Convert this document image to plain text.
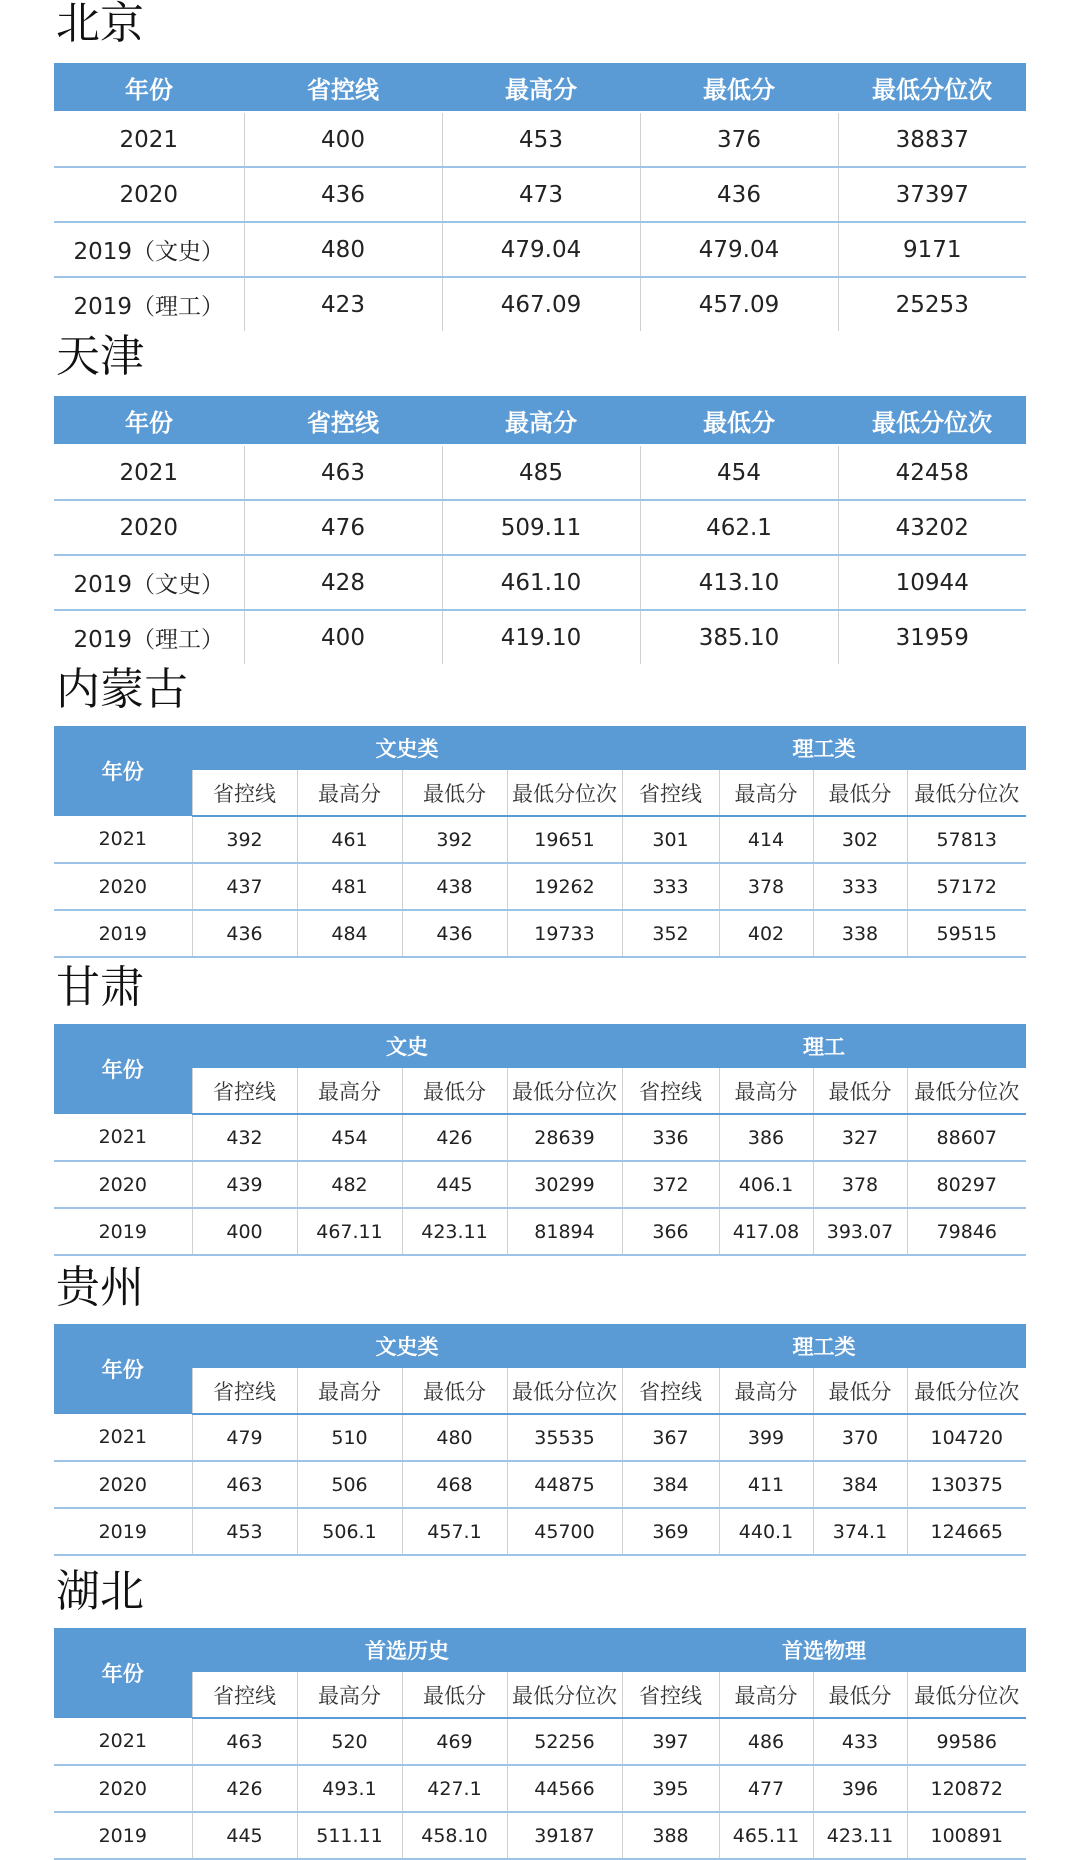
北京
年份	省控线	最高分	最低分	最低分位次
2021	400	453	376	38837
2020	436	473	436	37397
2019（文史）	480	479.04	479.04	9171
2019（理工）	423	467.09	457.09	25253
天津
年份	省控线	最高分	最低分	最低分位次
2021	463	485	454	42458
2020	476	509.11	462.1	43202
2019（文史）	428	461.10	413.10	10944
2019（理工）	400	419.10	385.10	31959
内蒙古
年份	文史类				理工类			
	省控线	最高分	最低分	最低分位次	省控线	最高分	最低分	最低分位次
2021	392	461	392	19651	301	414	302	57813
2020	437	481	438	19262	333	378	333	57172
2019	436	484	436	19733	352	402	338	59515
甘肃
年份	文史				理工			
	省控线	最高分	最低分	最低分位次	省控线	最高分	最低分	最低分位次
2021	432	454	426	28639	336	386	327	88607
2020	439	482	445	30299	372	406.1	378	80297
2019	400	467.11	423.11	81894	366	417.08	393.07	79846
贵州
年份	文史类				理工类			
	省控线	最高分	最低分	最低分位次	省控线	最高分	最低分	最低分位次
2021	479	510	480	35535	367	399	370	104720
2020	463	506	468	44875	384	411	384	130375
2019	453	506.1	457.1	45700	369	440.1	374.1	124665
湖北
年份	首选历史				首选物理			
	省控线	最高分	最低分	最低分位次	省控线	最高分	最低分	最低分位次
2021	463	520	469	52256	397	486	433	99586
2020	426	493.1	427.1	44566	395	477	396	120872
2019	445	511.11	458.10	39187	388	465.11	423.11	100891
